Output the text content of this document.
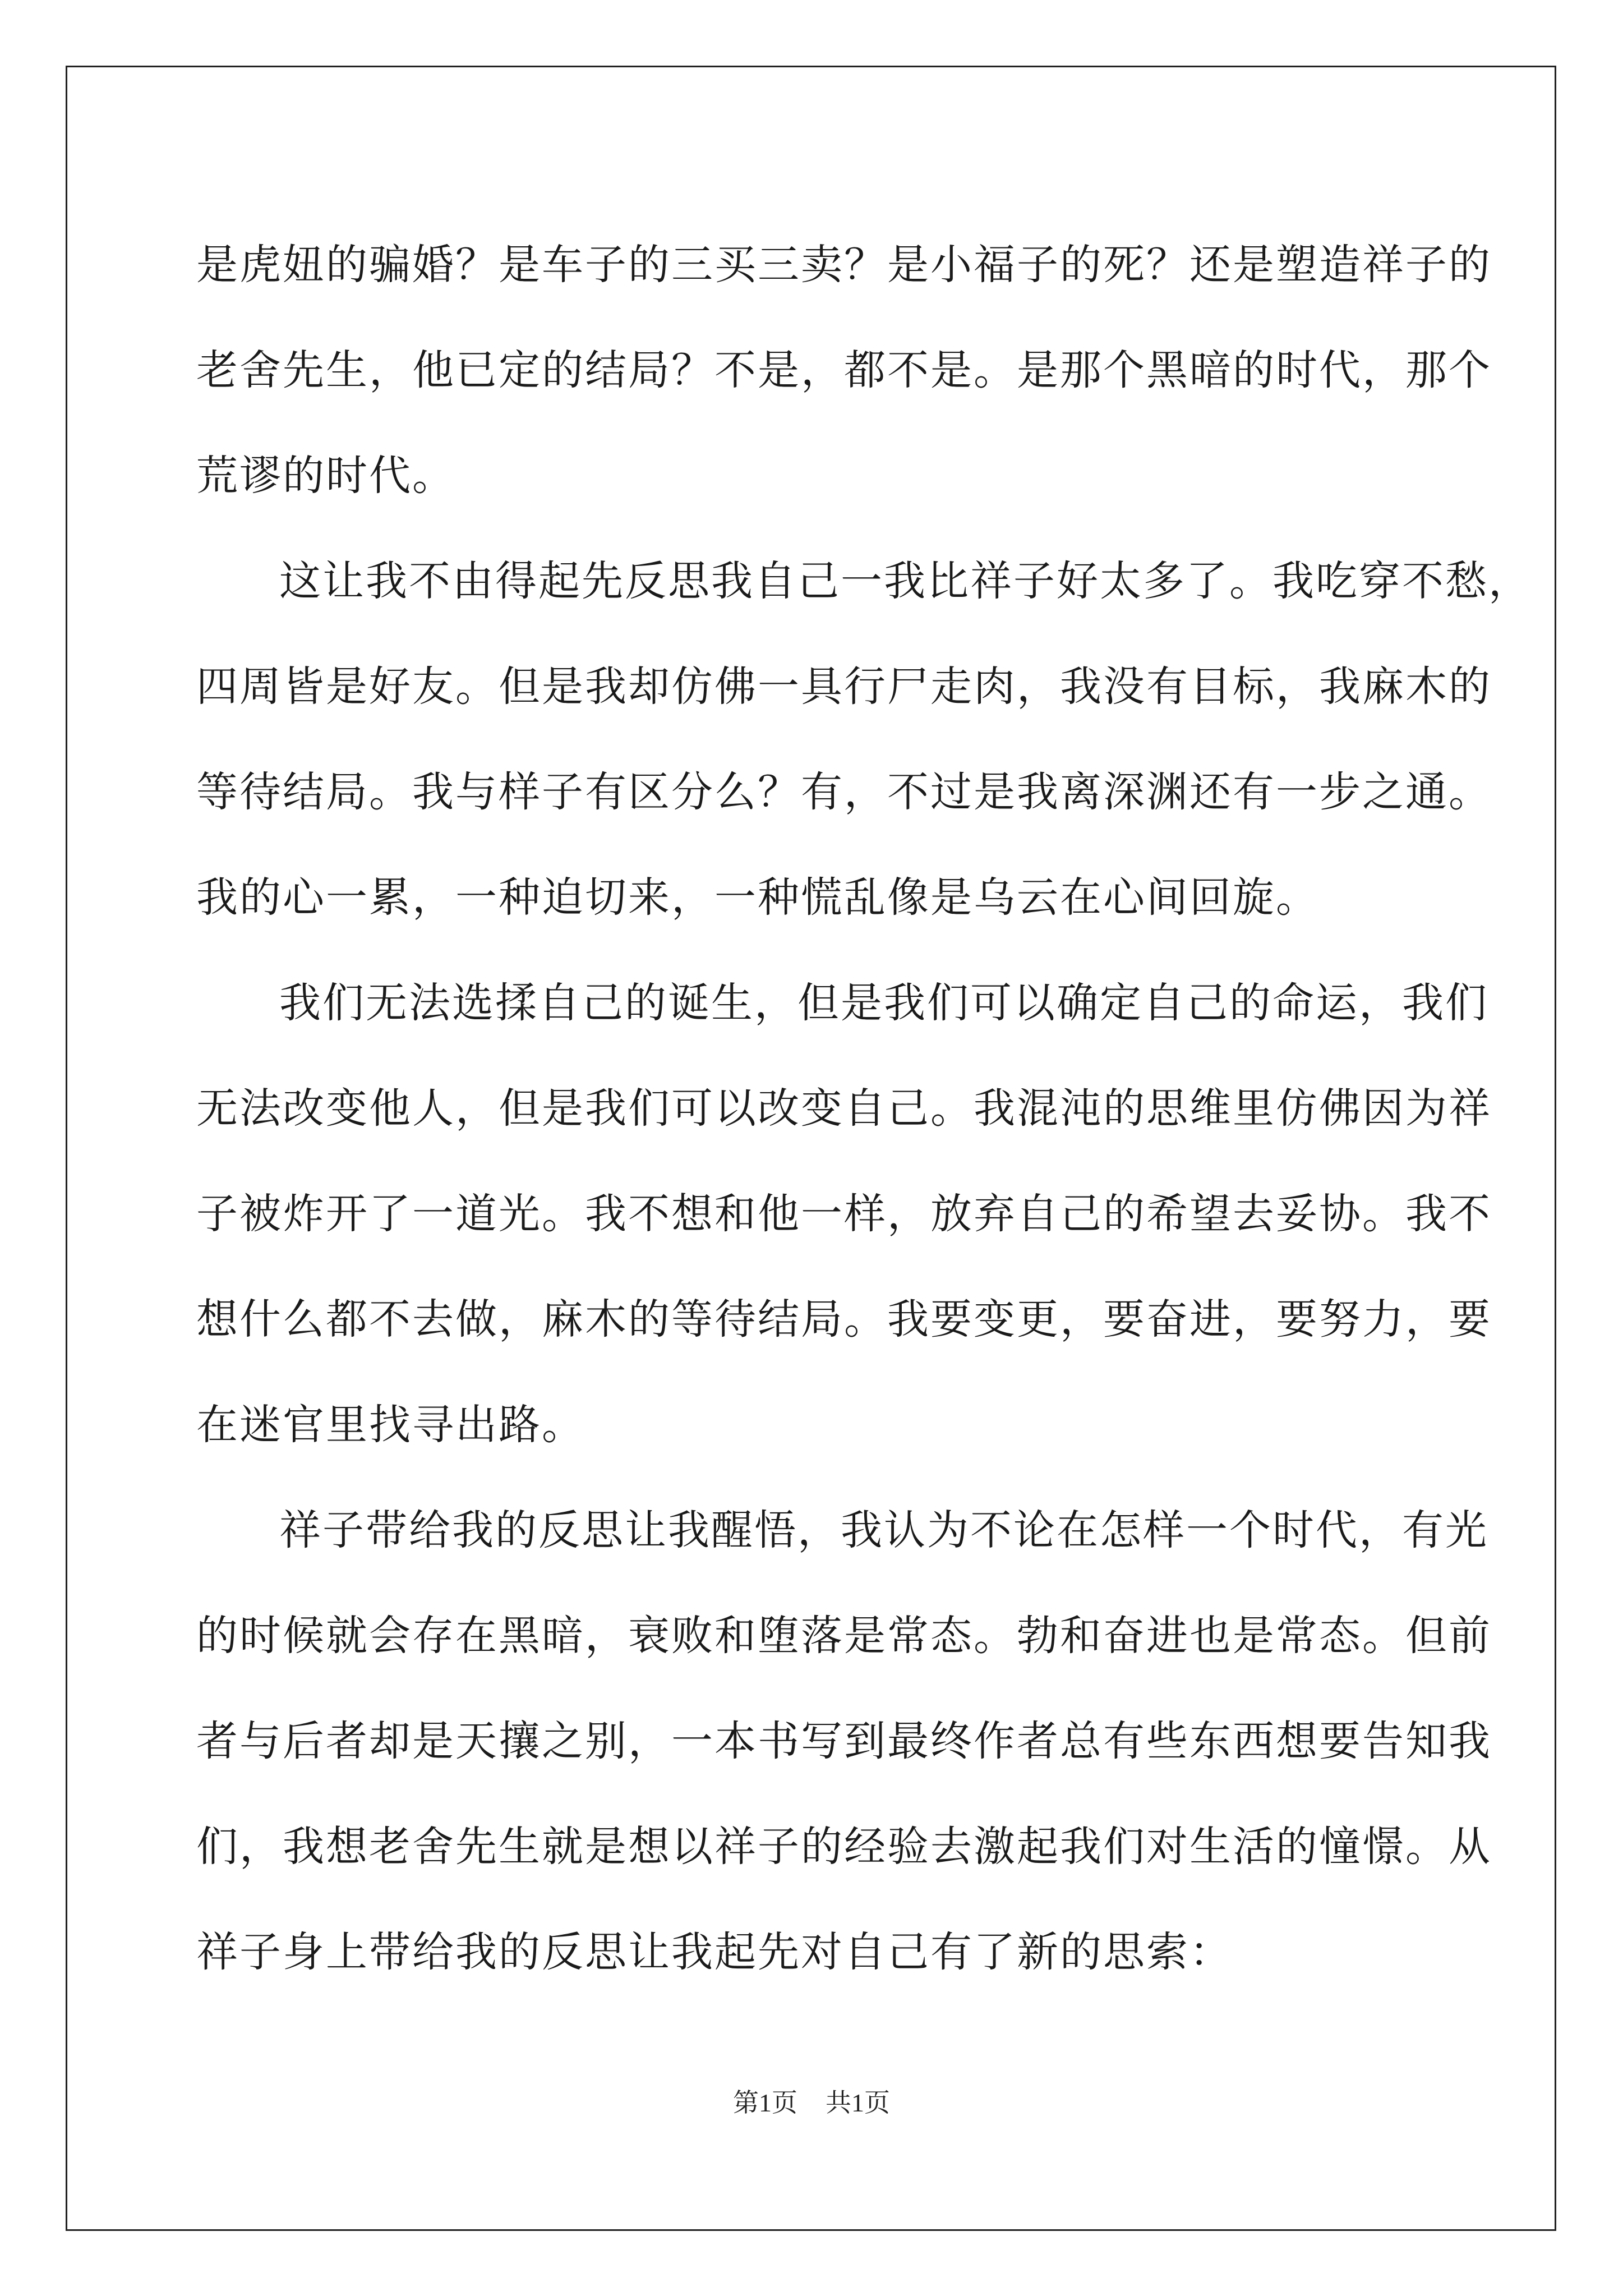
是虎妞的骗婚？是车子的三买三卖？是小福子的死？还是塑造祥子的
老舍先生，他已定的结局？不是，都不是。是那个黑暗的时代，那个
荒谬的时代。
这让我不由得起先反思我自己一我比祥子好太多了。我吃穿不愁，
四周皆是好友。但是我却仿佛一具行尸走肉，我没有目标，我麻木的
等待结局。我与样子有区分么？有，不过是我离深渊还有一步之通。
我的心一累，一种迫切来，一种慌乱像是乌云在心间回旋。
我们无法选揉自己的诞生，但是我们可以确定自己的命运，我们
无法改变他人，但是我们可以改变自己。我混沌的思维里仿佛因为祥
子被炸开了一道光。我不想和他一样，放弃自己的希望去妥协。我不
想什么都不去做，麻木的等待结局。我要变更，要奋进，要努力，要
在迷官里找寻出路。
祥子带给我的反思让我醒悟，我认为不论在怎样一个时代，有光
的时候就会存在黑暗，衰败和堕落是常态。勃和奋进也是常态。但前
者与后者却是天攘之别，一本书写到最终作者总有些东西想要告知我
们，我想老舍先生就是想以祥子的经验去激起我们对生活的憧憬。从
祥子身上带给我的反思让我起先对自己有了新的思索：
第1页 共1页
